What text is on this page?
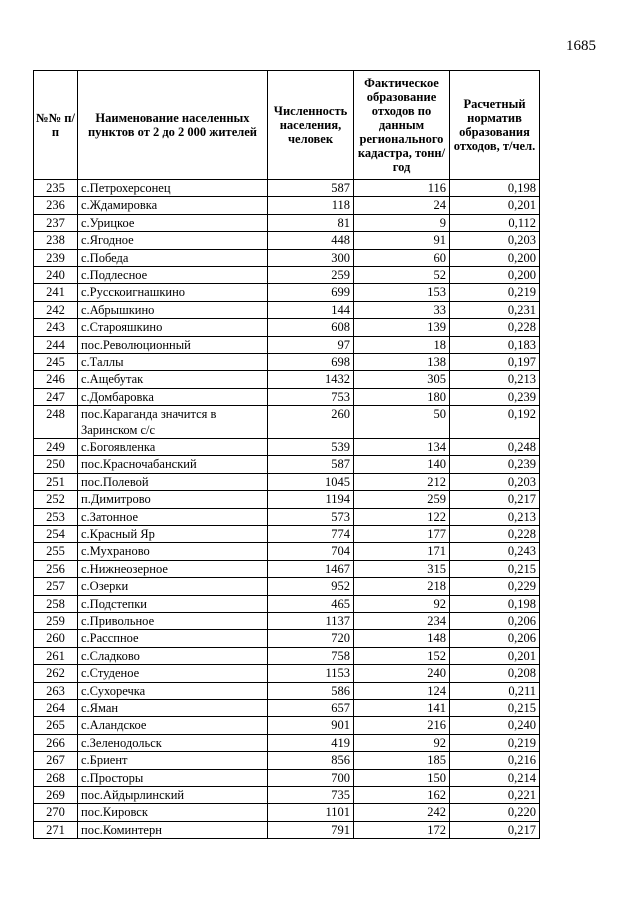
1685
№№ п/п	Наименование населенных пунктов от 2 до 2 000 жителей	Численность населения, человек	Фактическое образование отходов по данным регионального кадастра, тонн/год	Расчетный норматив образования отходов, т/чел.
235	с.Петрохерсонец	587	116	0,198
236	с.Ждамировка	118	24	0,201
237	с.Урицкое	81	9	0,112
238	с.Ягодное	448	91	0,203
239	с.Победа	300	60	0,200
240	с.Подлесное	259	52	0,200
241	с.Русскоигнашкино	699	153	0,219
242	с.Абрышкино	144	33	0,231
243	с.Старояшкино	608	139	0,228
244	пос.Революционный	97	18	0,183
245	с.Таллы	698	138	0,197
246	с.Ащебутак	1432	305	0,213
247	с.Домбаровка	753	180	0,239
248	пос.Караганда значится в Заринском с/с	260	50	0,192
249	с.Богоявленка	539	134	0,248
250	пос.Красночабанский	587	140	0,239
251	пос.Полевой	1045	212	0,203
252	п.Димитрово	1194	259	0,217
253	с.Затонное	573	122	0,213
254	с.Красный Яр	774	177	0,228
255	с.Мухраново	704	171	0,243
256	с.Нижнеозерное	1467	315	0,215
257	с.Озерки	952	218	0,229
258	с.Подстепки	465	92	0,198
259	с.Привольное	1137	234	0,206
260	с.Расспное	720	148	0,206
261	с.Сладково	758	152	0,201
262	с.Студеное	1153	240	0,208
263	с.Сухоречка	586	124	0,211
264	с.Яман	657	141	0,215
265	с.Аландское	901	216	0,240
266	с.Зеленодольск	419	92	0,219
267	с.Бриент	856	185	0,216
268	с.Просторы	700	150	0,214
269	пос.Айдырлинский	735	162	0,221
270	пос.Кировск	1101	242	0,220
271	пос.Коминтерн	791	172	0,217
